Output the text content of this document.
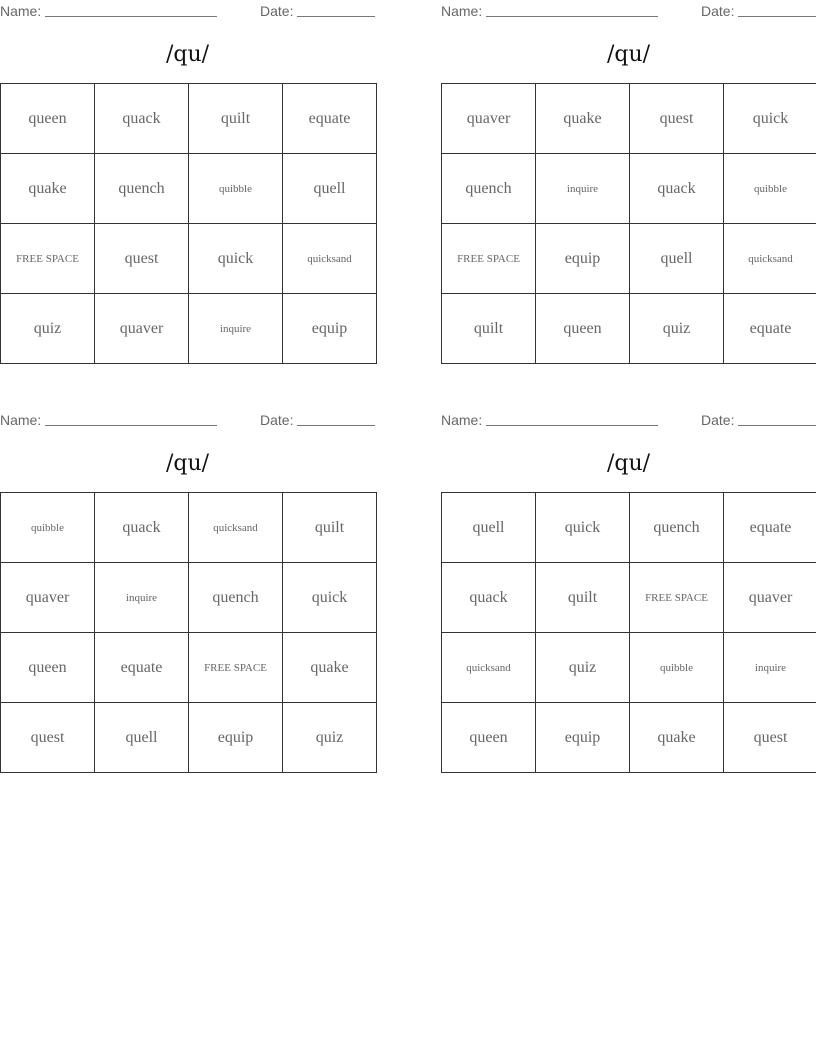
Name:	Date:
/qu/
queen	quack	quilt	equate
quake	quench	quibble	quell
FREE SPACE	quest	quick	quicksand
quiz	quaver	inquire	equip
Name:	Date:
/qu/
quaver	quake	quest	quick
quench	inquire	quack	quibble
FREE SPACE	equip	quell	quicksand
quilt	queen	quiz	equate
Name:	Date:
/qu/
quibble	quack	quicksand	quilt
quaver	inquire	quench	quick
queen	equate	FREE SPACE	quake
quest	quell	equip	quiz
Name:	Date:
/qu/
quell	quick	quench	equate
quack	quilt	FREE SPACE	quaver
quicksand	quiz	quibble	inquire
queen	equip	quake	quest
